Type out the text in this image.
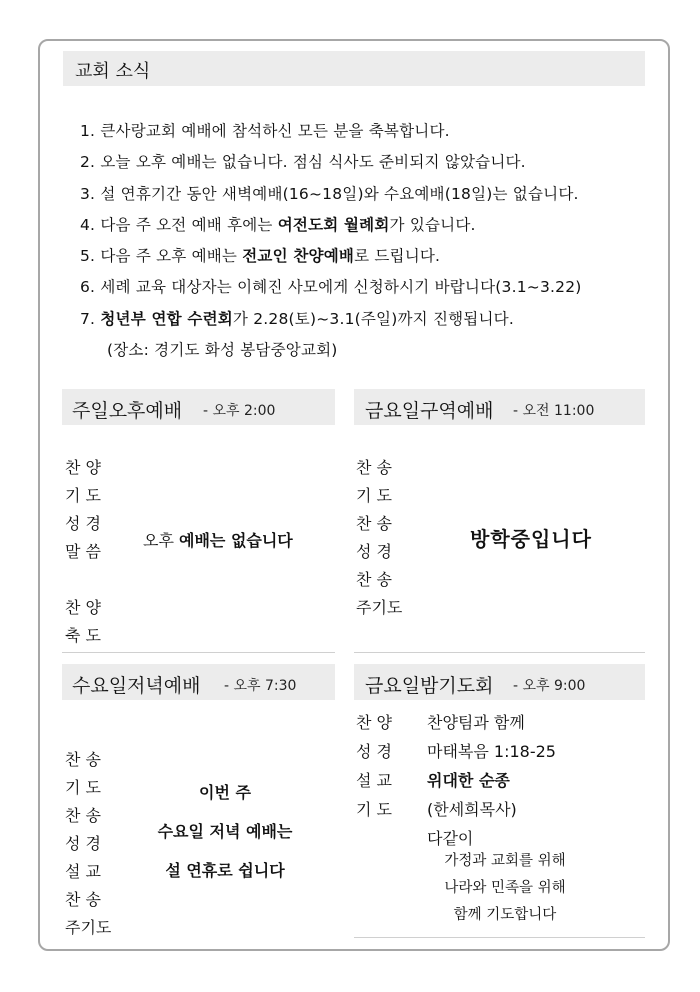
교회 소식
1. 큰사랑교회 예배에 참석하신 모든 분을 축복합니다.
2. 오늘 오후 예배는 없습니다. 점심 식사도 준비되지 않았습니다.
3. 설 연휴기간 동안 새벽예배(16~18일)와 수요예배(18일)는 없습니다.
4. 다음 주 오전 예배 후에는 여전도회 월례회가 있습니다.
5. 다음 주 오후 예배는 전교인 찬양예배로 드립니다.
6. 세례 교육 대상자는 이혜진 사모에게 신청하시기 바랍니다(3.1~3.22)
7. 청년부 연합 수련회가 2.28(토)~3.1(주일)까지 진행됩니다.
(장소: 경기도 화성 봉담중앙교회)
주일오후예배 - 오후 2:00
찬 양
기 도
성 경
말 씀
찬 양
축 도
오후 예배는 없습니다
금요일구역예배 - 오전 11:00
찬 송
기 도
찬 송
성 경
찬 송
주기도
방학중입니다
수요일저녁예배 - 오후 7:30
찬 송
기 도
찬 송
성 경
설 교
찬 송
주기도
이번 주
수요일 저녁 예배는
설 연휴로 쉽니다
금요일밤기도회 - 오후 9:00
찬 양 찬양팀과 함께
성 경 마태복음 1:18-25
설 교 위대한 순종
기 도 (한세희목사)
다같이
가정과 교회를 위해
나라와 민족을 위해
함께 기도합니다
